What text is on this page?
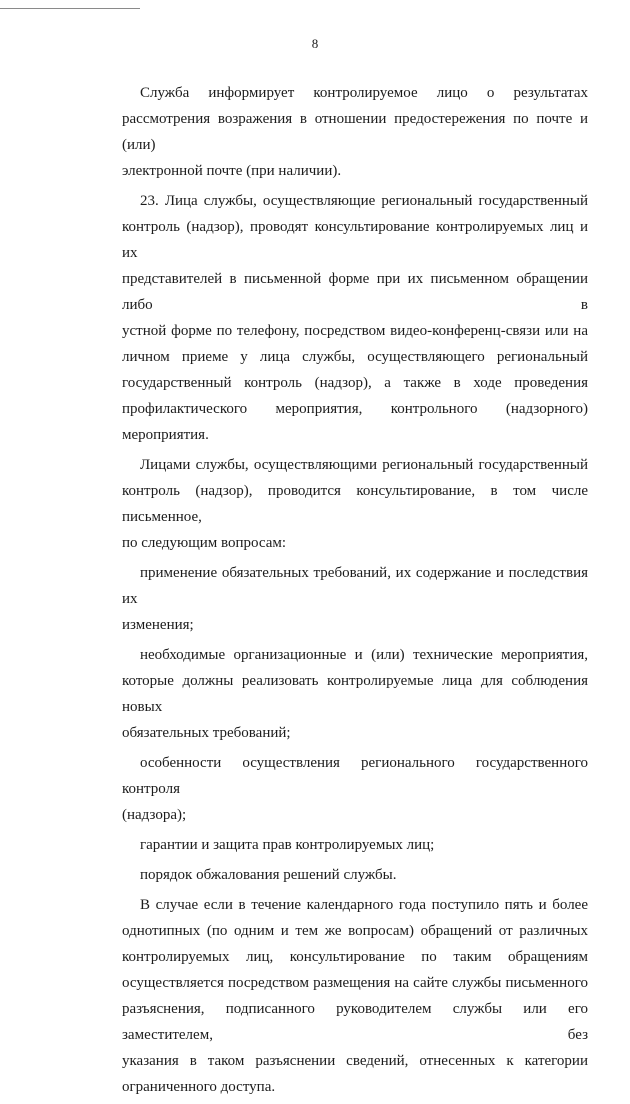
8
Служба информирует контролируемое лицо о результатах
рассмотрения возражения в отношении предостережения по почте и (или)
электронной почте (при наличии).
23. Лица службы, осуществляющие региональный государственный
контроль (надзор), проводят консультирование контролируемых лиц и их
представителей в письменной форме при их письменном обращении либо в
устной форме по телефону, посредством видео-конференц-связи или на
личном приеме у лица службы, осуществляющего региональный
государственный контроль (надзор), а также в ходе проведения
профилактического мероприятия, контрольного (надзорного) мероприятия.
Лицами службы, осуществляющими региональный государственный
контроль (надзор), проводится консультирование, в том числе письменное,
по следующим вопросам:
применение обязательных требований, их содержание и последствия их
изменения;
необходимые организационные и (или) технические мероприятия,
которые должны реализовать контролируемые лица для соблюдения новых
обязательных требований;
особенности осуществления регионального государственного контроля
(надзора);
гарантии и защита прав контролируемых лиц;
порядок обжалования решений службы.
В случае если в течение календарного года поступило пять и более
однотипных (по одним и тем же вопросам) обращений от различных
контролируемых лиц, консультирование по таким обращениям
осуществляется посредством размещения на сайте службы письменного
разъяснения, подписанного руководителем службы или его заместителем, без
указания в таком разъяснении сведений, отнесенных к категории
ограниченного доступа.
